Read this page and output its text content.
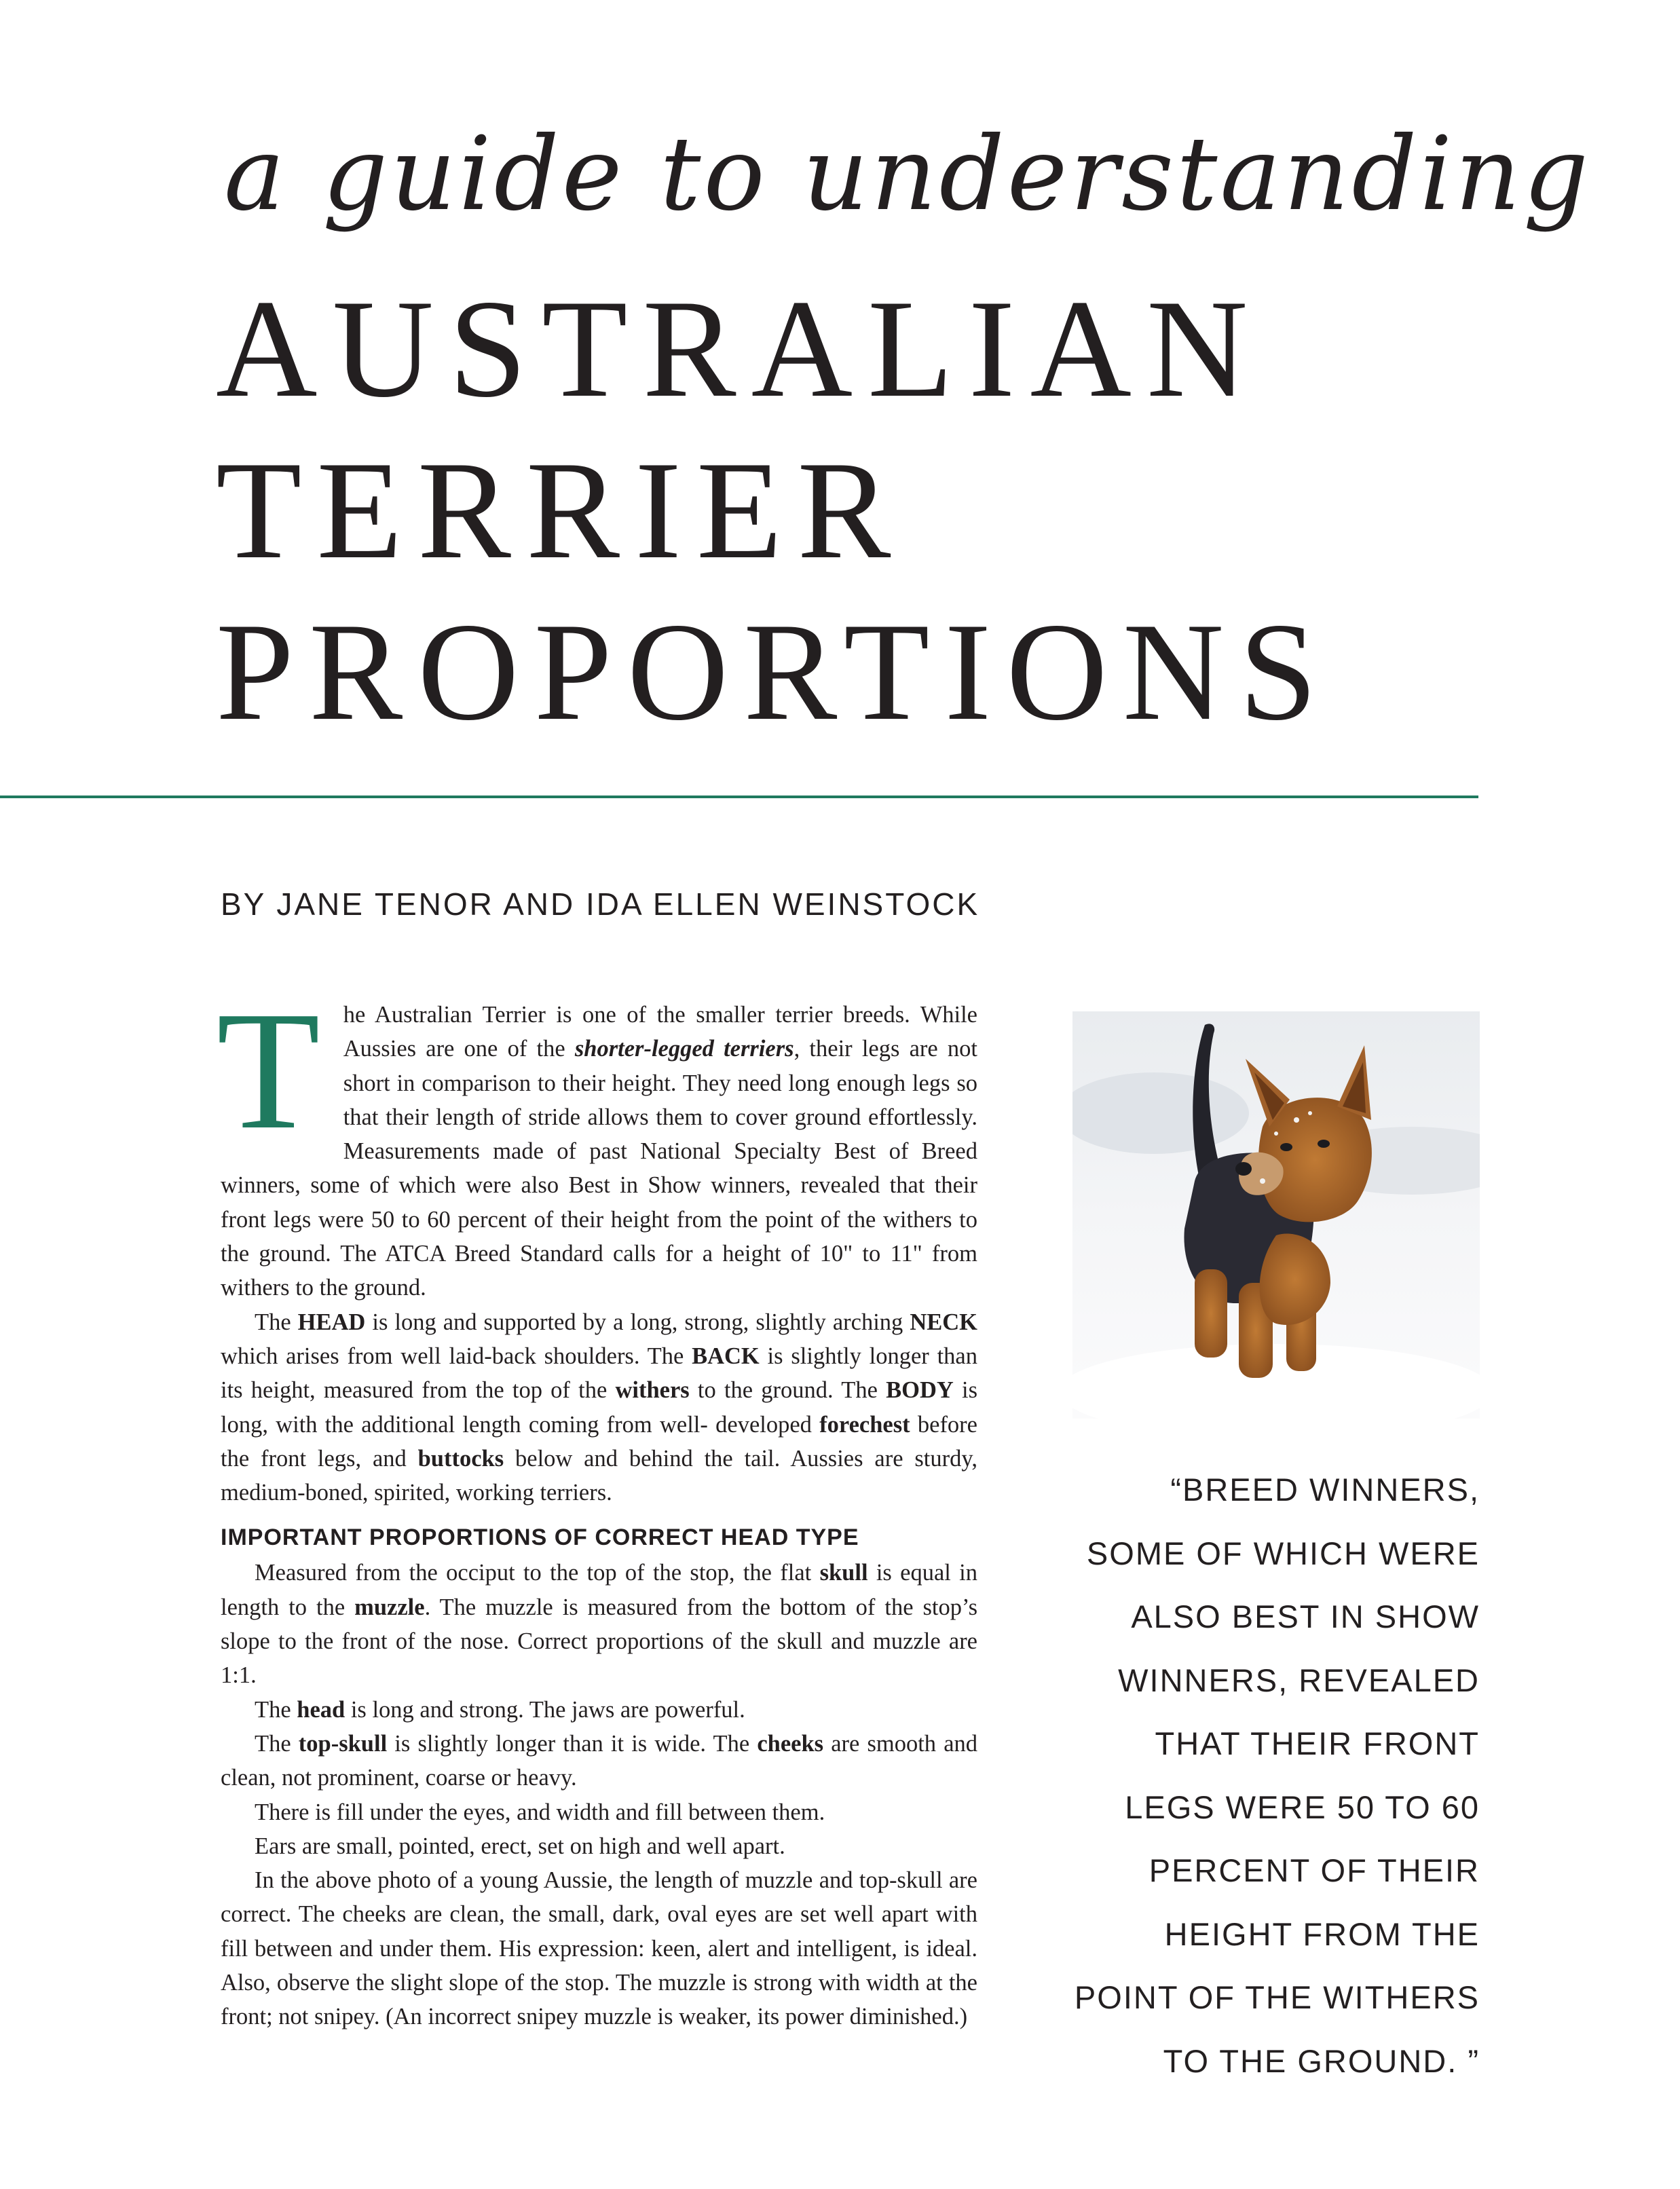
a guide to understanding
AUSTRALIAN
TERRIER
PROPORTIONS
BY JANE TENOR AND IDA ELLEN WEINSTOCK

The Australian Terrier is one of the smaller terrier breeds. While Aussies are one of the shorter-legged terriers, their legs are not short in comparison to their height. They need long enough legs so that their length of stride allows them to cover ground effortlessly. Measurements made of past National Specialty Best of Breed winners, some of which were also Best in Show winners, revealed that their front legs were 50 to 60 percent of their height from the point of the withers to the ground. The ATCA Breed Standard calls for a height of 10" to 11" from withers to the ground.

The HEAD is long and supported by a long, strong, slightly arching NECK which arises from well laid-back shoulders. The BACK is slightly longer than its height, measured from the top of the withers to the ground. The BODY is long, with the additional length coming from well- developed forechest before the front legs, and buttocks below and behind the tail. Aussies are sturdy, medium-boned, spirited, working terriers.

IMPORTANT PROPORTIONS OF CORRECT HEAD TYPE

Measured from the occiput to the top of the stop, the flat skull is equal in length to the muzzle. The muzzle is measured from the bottom of the stop’s slope to the front of the nose. Correct proportions of the skull and muzzle are 1:1.

The head is long and strong. The jaws are powerful.

The top-skull is slightly longer than it is wide. The cheeks are smooth and clean, not prominent, coarse or heavy.

There is fill under the eyes, and width and fill between them.

Ears are small, pointed, erect, set on high and well apart.

In the above photo of a young Aussie, the length of muzzle and top-skull are correct. The cheeks are clean, the small, dark, oval eyes are set well apart with fill between and under them. His expression: keen, alert and intelligent, is ideal. Also, observe the slight slope of the stop. The muzzle is strong with width at the front; not snipey. (An incorrect snipey muzzle is weaker, its power diminished.)

“BREED WINNERS,
SOME OF WHICH WERE
ALSO BEST IN SHOW
WINNERS, REVEALED
THAT THEIR FRONT
LEGS WERE 50 TO 60
PERCENT OF THEIR
HEIGHT FROM THE
POINT OF THE WITHERS
TO THE GROUND. ”
